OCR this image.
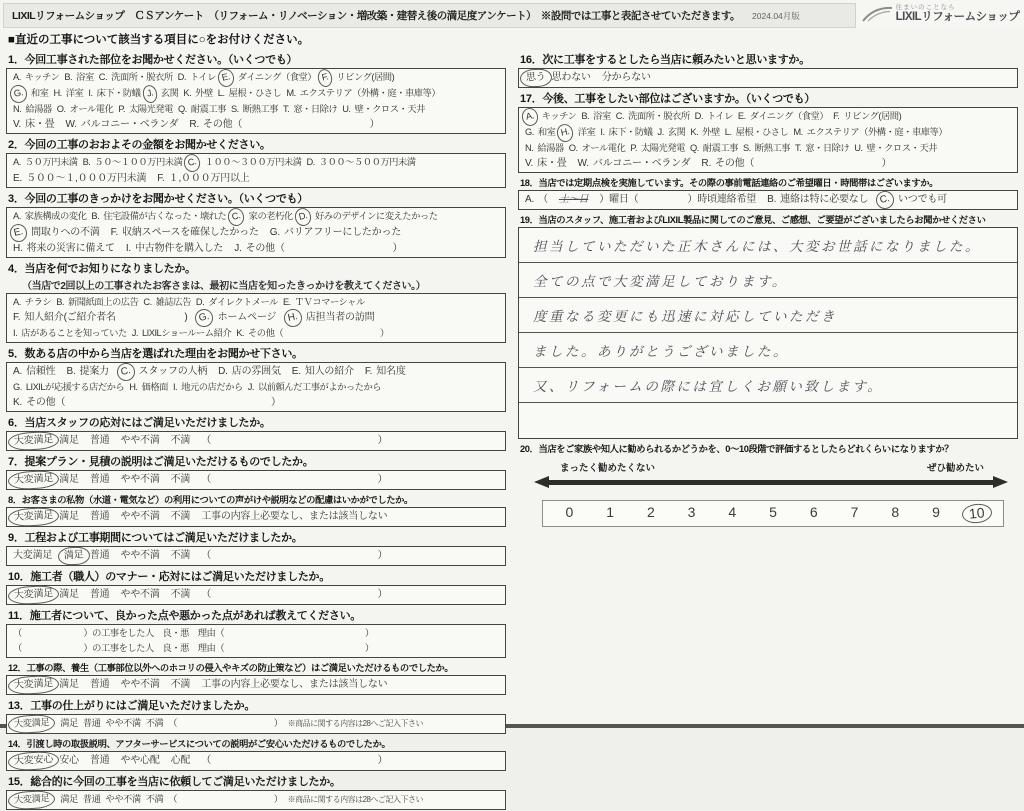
LIXILリフォームショップ　ＣＳアンケート　（リフォーム・リノベーション・増改築・建替え後の満足度アンケート）　※設問では工事と表記させていただきます。 2024.04月版
住まいのことなら
LIXILリフォームショップ
■直近の工事について該当する項目に○をお付けください。
1．今回工事された部位をお聞かせください。（いくつでも）
A. キッチン B. 浴室 C. 洗面所・脱衣所 D. トイレ E. ダイニング（食堂） F. リビング(居間)
G. 和室 H. 洋室 I. 床下・防蟻 J. 玄関 K. 外壁 L. 屋根・ひさし M. エクステリア（外構・庭・車庫等）
N. 給湯器 O. オール電化 P. 太陽光発電 Q. 耐震工事 S. 断熱工事 T. 窓・日除け U. 壁・クロス・天井
V. 床・畳 W. バルコニー・ベランダ R. その他（　　　　　　　　　　　　　）
2．今回の工事のおおよその金額をお聞かせください。
A. ５０万円未満 B. ５０～１００万円未満 C. １００～３００万円未満 D. ３００～５００万円未満
E. ５００～１,０００万円未満 F. １,０００万円以上
3．今回の工事のきっかけをお聞かせください。（いくつでも）
A. 家族構成の変化 B. 住宅設備が古くなった・壊れた C. 家の老朽化 D. 好みのデザインに変えたかった
E. 間取りへの不満 F. 収納スペースを確保したかった G. バリアフリーにしたかった
H. 将来の災害に備えて I. 中古物件を購入した J. その他（　　　　　　　　　　　）
4．当店を何でお知りになりましたか。
（当店で2回以上の工事されたお客さまは、最初に当店を知ったきっかけを教えてください。）
A. チラシ B. 新聞紙面上の広告 C. 雑誌広告 D. ダイレクトメール E. ＴＶコマーシャル
F. 知人紹介(ご紹介者名　　　　　　　) G. ホームページ H. 店担当者の訪問
I. 店があることを知っていた J. LIXILショールーム紹介 K. その他（　　　　　　　　　　　）
5．数ある店の中から当店を選ばれた理由をお聞かせ下さい。
A. 信頼性 B. 提案力 C. スタッフの人柄 D. 店の雰囲気 E. 知人の紹介 F. 知名度
G. LIXILが応援する店だから H. 価格面 I. 地元の店だから J. 以前頼んだ工事がよかったから
K. その他（　　　　　　　　　　　　　　　　　　　　　）
6．当店スタッフの応対にはご満足いただけましたか。
大変満足 満足 普通 やや不満 不満 （　　　　　　　　　　　　　　　　　）
7．提案プラン・見積の説明はご満足いただけるものでしたか。
大変満足 満足 普通 やや不満 不満 （　　　　　　　　　　　　　　　　　）
8．お客さまの私物（水道・電気など）の利用についての声がけや説明などの配慮はいかがでしたか。
大変満足 満足 普通 やや不満 不満 工事の内容上必要なし、または該当しない
9．工程および工事期間についてはご満足いただけましたか。
大変満足 満足 普通 やや不満 不満 （　　　　　　　　　　　　　　　　　）
10．施工者（職人）のマナー・応対にはご満足いただけましたか。
大変満足 満足 普通 やや不満 不満 （　　　　　　　　　　　　　　　　　）
11．施工者について、良かった点や悪かった点があれば教えてください。
（　　　　　　　）の工事をした人　良・悪　理由（　　　　　　　　　　　　　　　　）
（　　　　　　　）の工事をした人　良・悪　理由（　　　　　　　　　　　　　　　　）
12．工事の際、養生（工事部位以外へのホコリの侵入やキズの防止策など）はご満足いただけるものでしたか。
大変満足 満足 普通 やや不満 不満 工事の内容上必要なし、または該当しない
13．工事の仕上がりにはご満足いただけましたか。
大変満足 満足 普通 やや不満 不満 （　　　　　　　　　　　） ※商品に関する内容は28へご記入下さい
14．引渡し時の取扱説明、アフターサービスについての説明がご安心いただけるものでしたか。
大変安心 安心 普通 やや心配 心配 （　　　　　　　　　　　　　　　　　）
15．総合的に今回の工事を当店に依頼してご満足いただけましたか。
大変満足 満足 普通 やや不満 不満 （　　　　　　　　　　　） ※商品に関する内容は28へご記入下さい
16．次に工事をするとしたら当店に頼みたいと思いますか。
思う 思わない 分からない
17．今後、工事をしたい部位はございますか。（いくつでも）
A. キッチン B. 浴室 C. 洗面所・脱衣所 D. トイレ E. ダイニング（食堂） F. リビング(居間)
G. 和室 H. 洋室 I. 床下・防蟻 J. 玄関 K. 外壁 L. 屋根・ひさし M. エクステリア（外構・庭・車庫等）
N. 給湯器 O. オール電化 P. 太陽光発電 Q. 耐震工事 S. 断熱工事 T. 窓・日除け U. 壁・クロス・天井
V. 床・畳 W. バルコニー・ベランダ R. その他（　　　　　　　　　　　　　）
18．当店では定期点検を実施しています。その際の事前電話連絡のご希望曜日・時間帯はございますか。
A. （ 土～日 ）曜日（　　　　　）時頃連絡希望 B. 連絡は特に必要なし C. いつでも可
19．当店のスタッフ、施工者およびLIXIL製品に関してのご意見、ご感想、ご要望がございましたらお聞かせください
担当していただいた正木さんには、大変お世話になりました。
全ての点で大変満足しております。
度重なる変更にも迅速に対応していただき
ました。ありがとうございました。
又、リフォームの際には宜しくお願い致します。
20．当店をご家族や知人に勧められるかどうかを、0～10段階で評価するとしたらどれくらいになりますか？
まったく勧めたくない	ぜひ勧めたい
0	1	2	3	4	5	6	7	8	9	10
